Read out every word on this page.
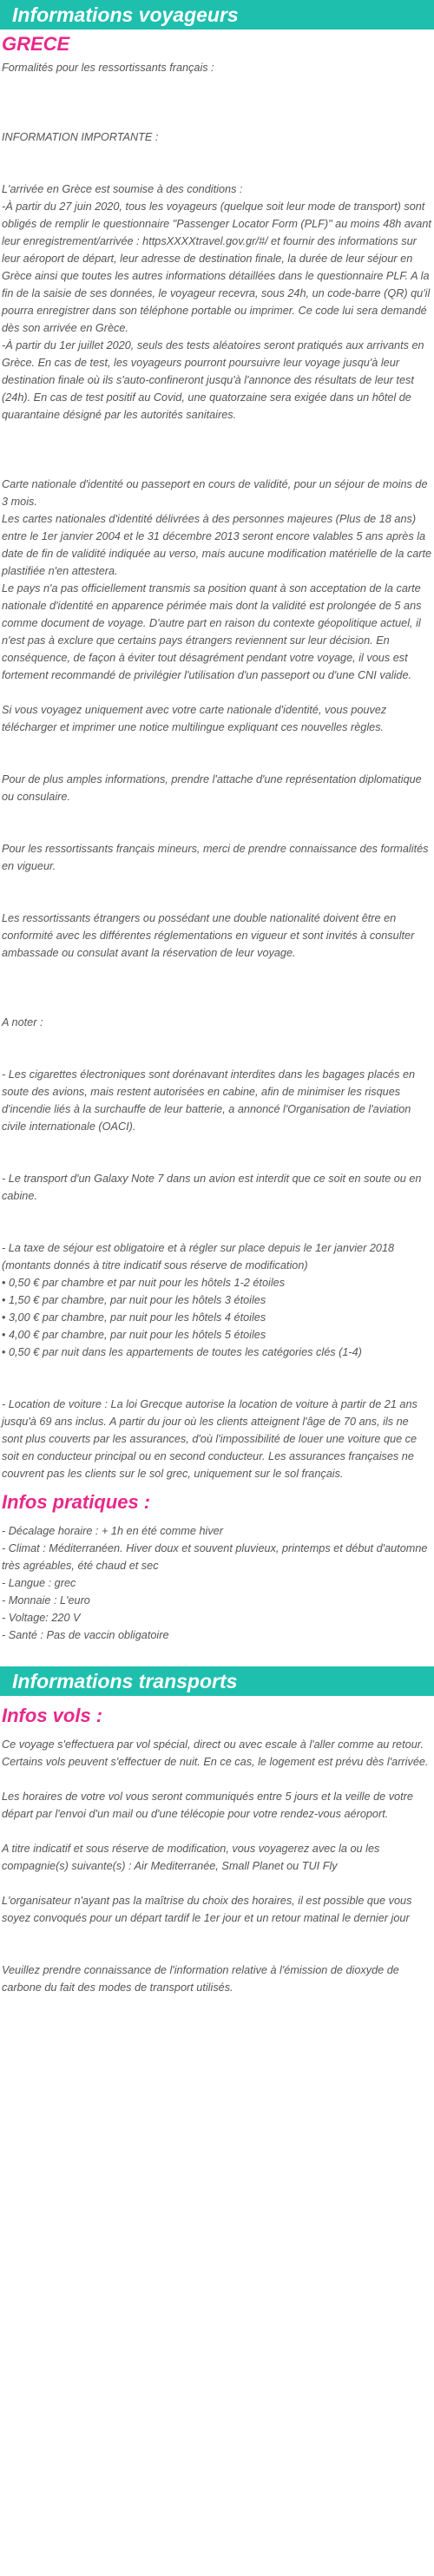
Informations voyageurs
GRECE

Formalités pour les ressortissants français :

INFORMATION IMPORTANTE :

L'arrivée en Grèce est soumise à des conditions :

-À partir du 27 juin 2020, tous les voyageurs (quelque soit leur mode de transport) sont obligés de remplir le questionnaire "Passenger Locator Form (PLF)" au moins 48h avant leur enregistrement/arrivée : httpsXXXXtravel.gov.gr/#/ et fournir des informations sur leur aéroport de départ, leur adresse de destination finale, la durée de leur séjour en Grèce ainsi que toutes les autres informations détaillées dans le questionnaire PLF. A la fin de la saisie de ses données, le voyageur recevra, sous 24h, un code-barre (QR) qu'il pourra enregistrer dans son téléphone portable ou imprimer. Ce code lui sera demandé dès son arrivée en Grèce.

-À partir du 1er juillet 2020, seuls des tests aléatoires seront pratiqués aux arrivants en Grèce. En cas de test, les voyageurs pourront poursuivre leur voyage jusqu'à leur destination finale où ils s'auto-confineront jusqu'à l'annonce des résultats de leur test (24h). En cas de test positif au Covid, une quatorzaine sera exigée dans un hôtel de quarantaine désigné par les autorités sanitaires.

Carte nationale d'identité ou passeport en cours de validité, pour un séjour de moins de 3 mois.

Les cartes nationales d'identité délivrées à des personnes majeures (Plus de 18 ans) entre le 1er janvier 2004 et le 31 décembre 2013 seront encore valables 5 ans après la date de fin de validité indiquée au verso, mais aucune modification matérielle de la carte plastifiée n'en attestera.

Le pays n'a pas officiellement transmis sa position quant à son acceptation de la carte nationale d'identité en apparence périmée mais dont la validité est prolongée de 5 ans comme document de voyage. D'autre part en raison du contexte géopolitique actuel, il n'est pas à exclure que certains pays étrangers reviennent sur leur décision. En conséquence, de façon à éviter tout désagrément pendant votre voyage, il vous est fortement recommandé de privilégier l'utilisation d'un passeport ou d'une CNI valide.

Si vous voyagez uniquement avec votre carte nationale d'identité, vous pouvez télécharger et imprimer une notice multilingue expliquant ces nouvelles règles.

Pour de plus amples informations, prendre l'attache d'une représentation diplomatique ou consulaire.

Pour les ressortissants français mineurs, merci de prendre connaissance des formalités en vigueur.

Les ressortissants étrangers ou possédant une double nationalité doivent être en conformité avec les différentes réglementations en vigueur et sont invités à consulter ambassade ou consulat avant la réservation de leur voyage.

A noter :

- Les cigarettes électroniques sont dorénavant interdites dans les bagages placés en soute des avions, mais restent autorisées en cabine, afin de minimiser les risques d'incendie liés à la surchauffe de leur batterie, a annoncé l'Organisation de l'aviation civile internationale (OACI).

- Le transport d'un Galaxy Note 7 dans un avion est interdit que ce soit en soute ou en cabine.

- La taxe de séjour est obligatoire et à régler sur place depuis le 1er janvier 2018 (montants donnés à titre indicatif sous réserve de modification)

• 0,50 € par chambre et par nuit pour les hôtels 1-2 étoiles

• 1,50 € par chambre, par nuit pour les hôtels 3 étoiles

• 3,00 € par chambre, par nuit pour les hôtels 4 étoiles

• 4,00 € par chambre, par nuit pour les hôtels 5 étoiles

• 0,50 € par nuit dans les appartements de toutes les catégories clés (1-4)

- Location de voiture : La loi Grecque autorise la location de voiture à partir de 21 ans jusqu'à 69 ans inclus. A partir du jour où les clients atteignent l'âge de 70 ans, ils ne sont plus couverts par les assurances, d'où l'impossibilité de louer une voiture que ce soit en conducteur principal ou en second conducteur. Les assurances françaises ne couvrent pas les clients sur le sol grec, uniquement sur le sol français.

Infos pratiques :

- Décalage horaire : + 1h en été comme hiver

- Climat : Méditerranéen. Hiver doux et souvent pluvieux, printemps et début d'automne très agréables, été chaud et sec

- Langue : grec

- Monnaie : L'euro

- Voltage: 220 V

- Santé : Pas de vaccin obligatoire

Informations transports
Infos vols :

Ce voyage s'effectuera par vol spécial, direct ou avec escale à l'aller comme au retour. Certains vols peuvent s'effectuer de nuit. En ce cas, le logement est prévu dès l'arrivée.

Les horaires de votre vol vous seront communiqués entre 5 jours et la veille de votre départ par l'envoi d'un mail ou d'une télécopie pour votre rendez-vous aéroport.

A titre indicatif et sous réserve de modification, vous voyagerez avec la ou les compagnie(s) suivante(s) : Air Mediterranée, Small Planet ou TUI Fly

L'organisateur n'ayant pas la maîtrise du choix des horaires, il est possible que vous soyez convoqués pour un départ tardif le 1er jour et un retour matinal le dernier jour

Veuillez prendre connaissance de l'information relative à l'émission de dioxyde de carbone du fait des modes de transport utilisés.
